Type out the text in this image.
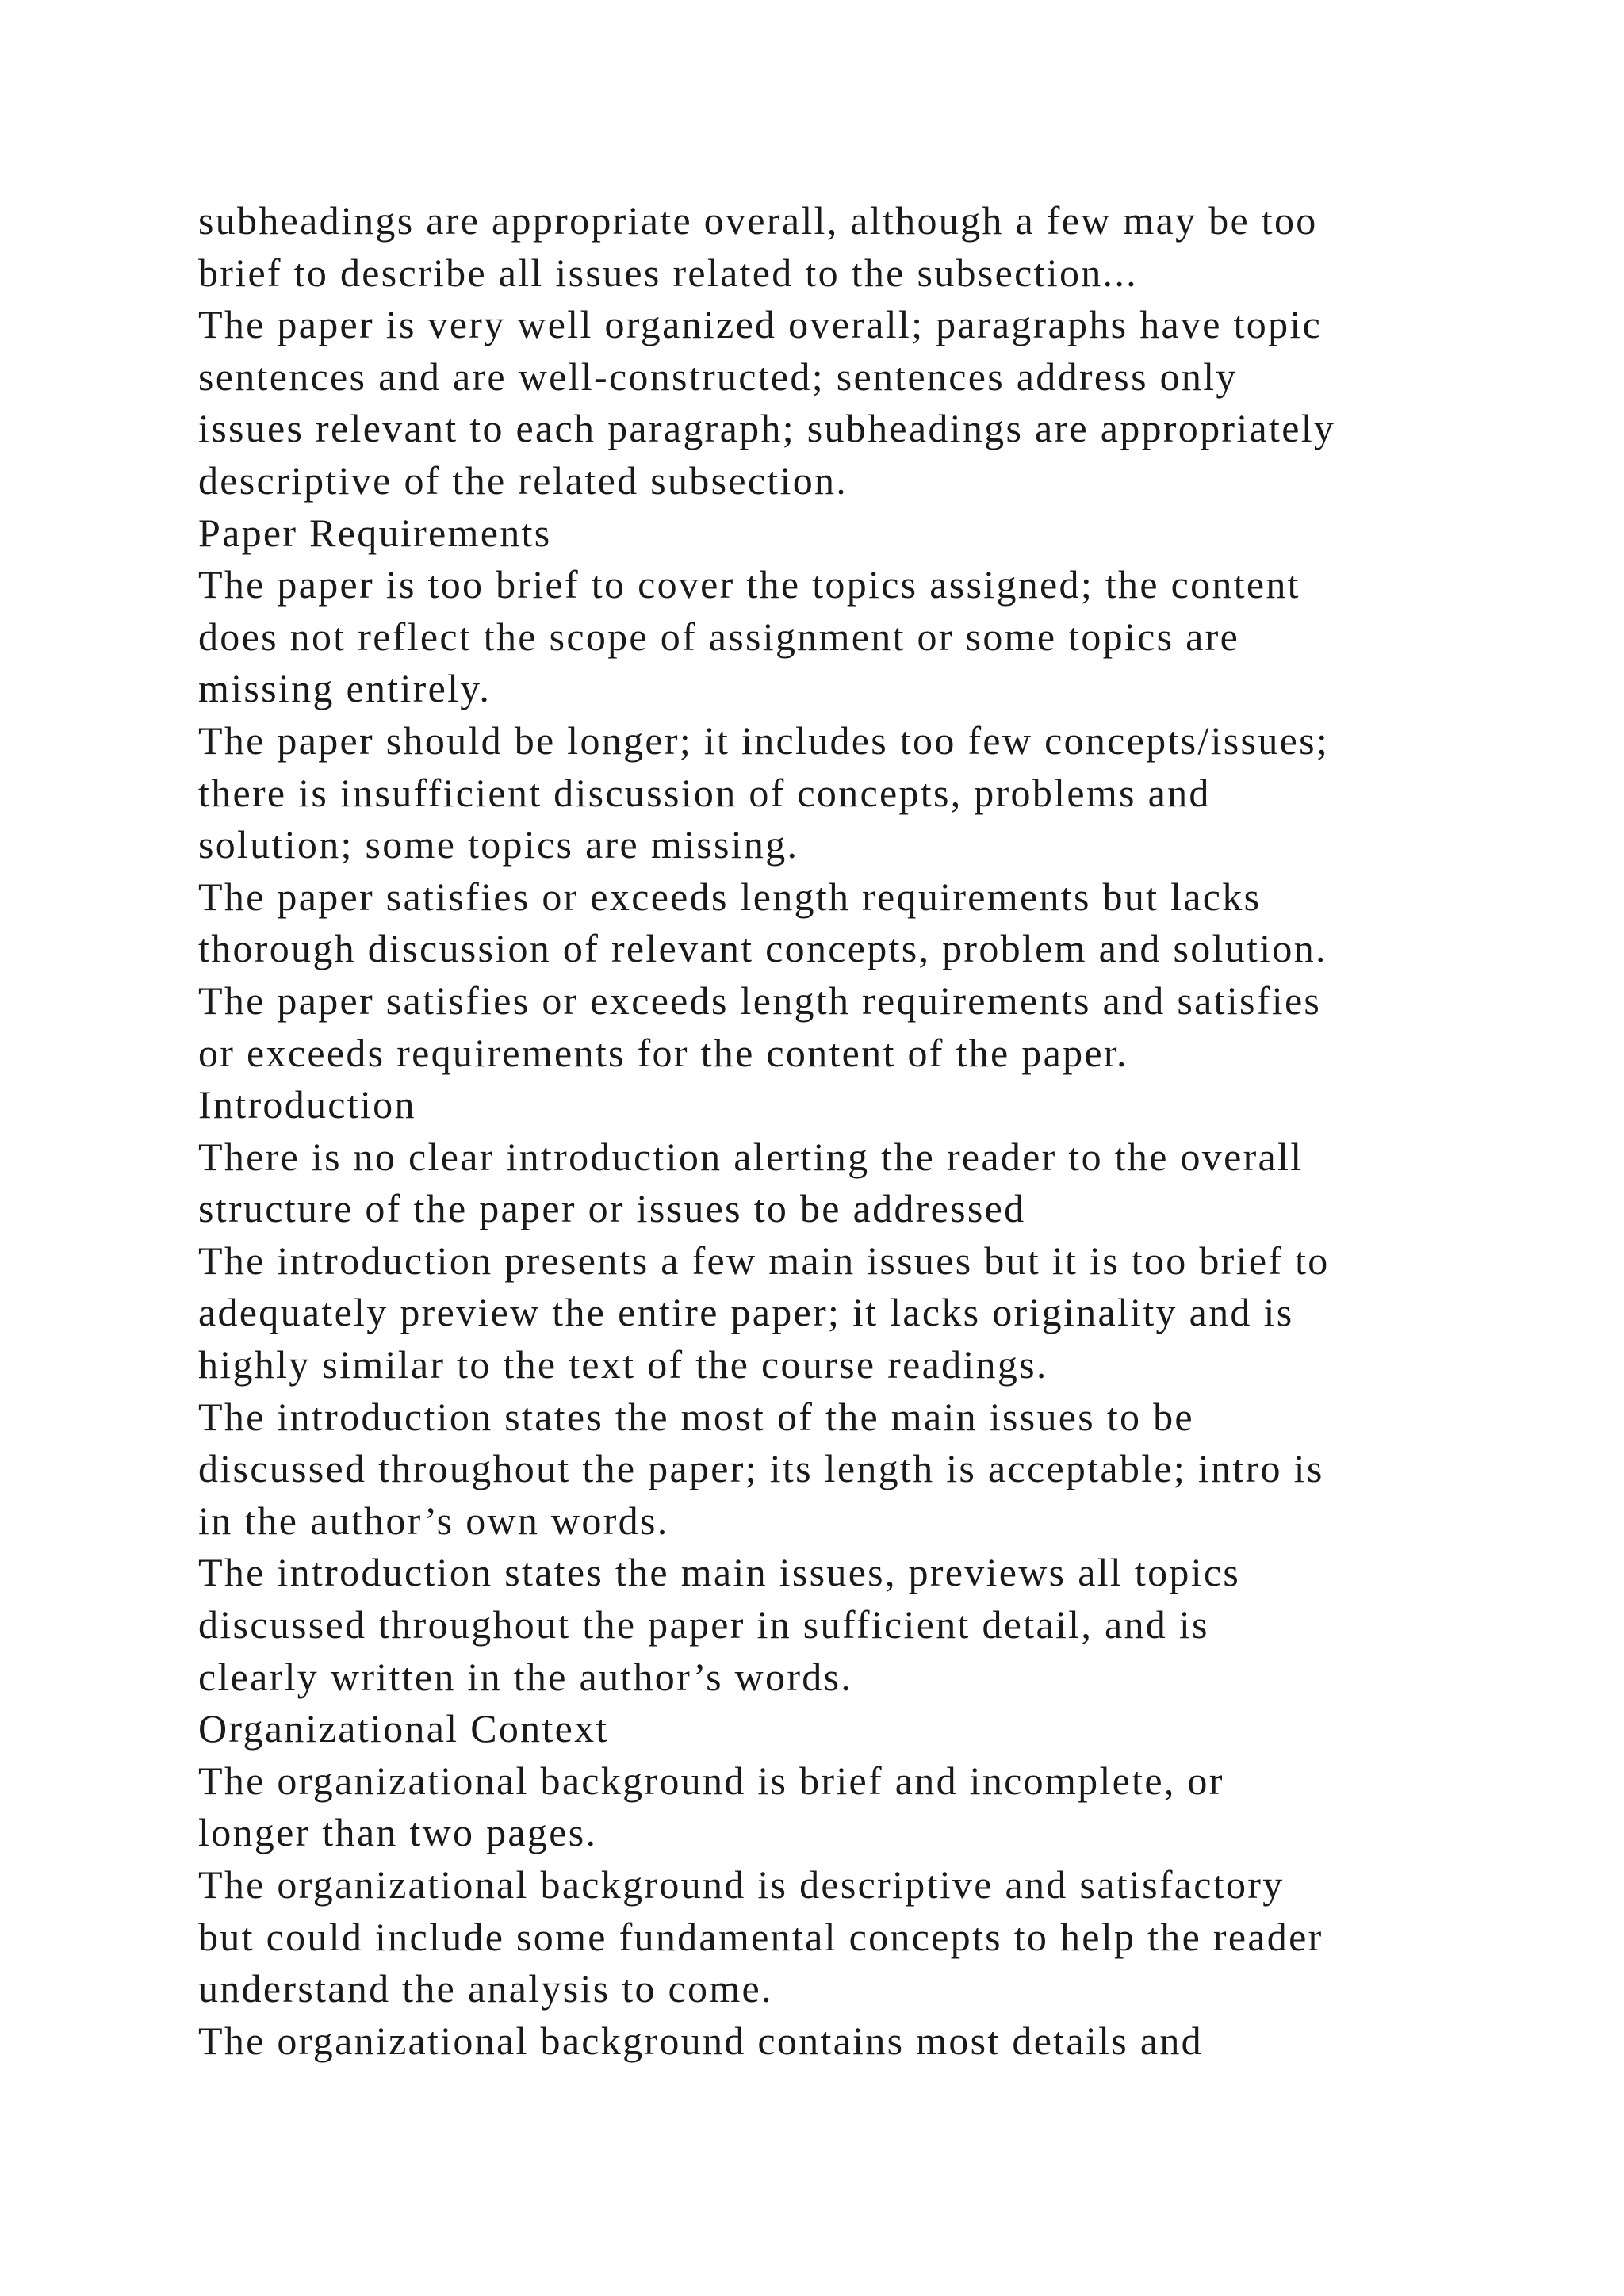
subheadings are appropriate overall, although a few may be too
brief to describe all issues related to the subsection...
The paper is very well organized overall; paragraphs have topic
sentences and are well-constructed; sentences address only
issues relevant to each paragraph; subheadings are appropriately
descriptive of the related subsection.
Paper Requirements
The paper is too brief to cover the topics assigned; the content
does not reflect the scope of assignment or some topics are
missing entirely.
The paper should be longer; it includes too few concepts/issues;
there is insufficient discussion of concepts, problems and
solution; some topics are missing.
The paper satisfies or exceeds length requirements but lacks
thorough discussion of relevant concepts, problem and solution.
The paper satisfies or exceeds length requirements and satisfies
or exceeds requirements for the content of the paper.
Introduction
There is no clear introduction alerting the reader to the overall
structure of the paper or issues to be addressed
The introduction presents a few main issues but it is too brief to
adequately preview the entire paper; it lacks originality and is
highly similar to the text of the course readings.
The introduction states the most of the main issues to be
discussed throughout the paper; its length is acceptable; intro is
in the author’s own words.
The introduction states the main issues, previews all topics
discussed throughout the paper in sufficient detail, and is
clearly written in the author’s words.
Organizational Context
The organizational background is brief and incomplete, or
longer than two pages.
The organizational background is descriptive and satisfactory
but could include some fundamental concepts to help the reader
understand the analysis to come.
The organizational background contains most details and
